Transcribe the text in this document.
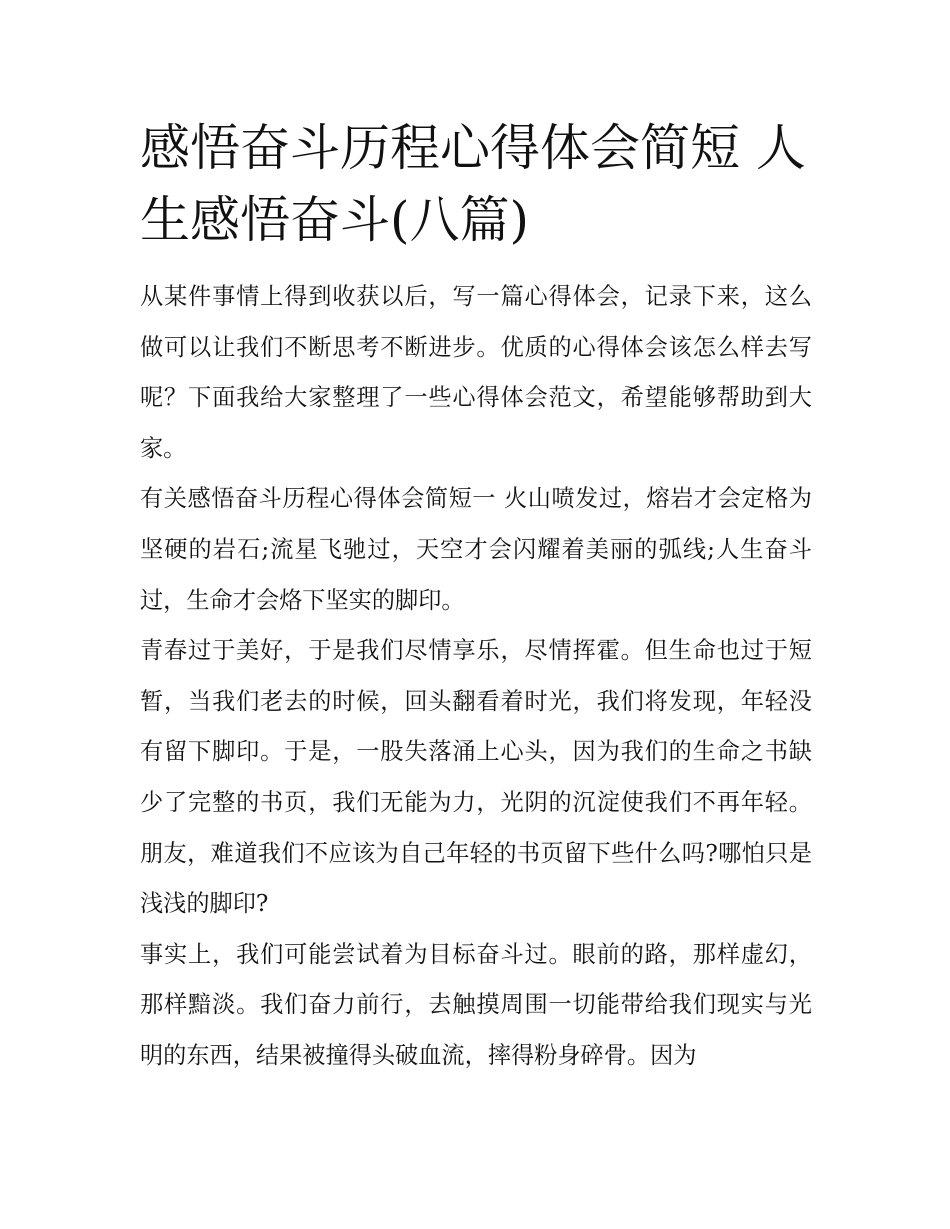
感悟奋斗历程心得体会简短 人生感悟奋斗(八篇)

从某件事情上得到收获以后，写一篇心得体会，记录下来，这么做可以让我们不断思考不断进步。优质的心得体会该怎么样去写呢？下面我给大家整理了一些心得体会范文，希望能够帮助到大家。

有关感悟奋斗历程心得体会简短一 火山喷发过，熔岩才会定格为坚硬的岩石;流星飞驰过，天空才会闪耀着美丽的弧线;人生奋斗过，生命才会烙下坚实的脚印。

青春过于美好，于是我们尽情享乐，尽情挥霍。但生命也过于短暂，当我们老去的时候，回头翻看着时光，我们将发现，年轻没有留下脚印。于是，一股失落涌上心头，因为我们的生命之书缺少了完整的书页，我们无能为力，光阴的沉淀使我们不再年轻。朋友，难道我们不应该为自己年轻的书页留下些什么吗?哪怕只是浅浅的脚印?

事实上，我们可能尝试着为目标奋斗过。眼前的路，那样虚幻，那样黯淡。我们奋力前行，去触摸周围一切能带给我们现实与光明的东西，结果被撞得头破血流，摔得粉身碎骨。因为
